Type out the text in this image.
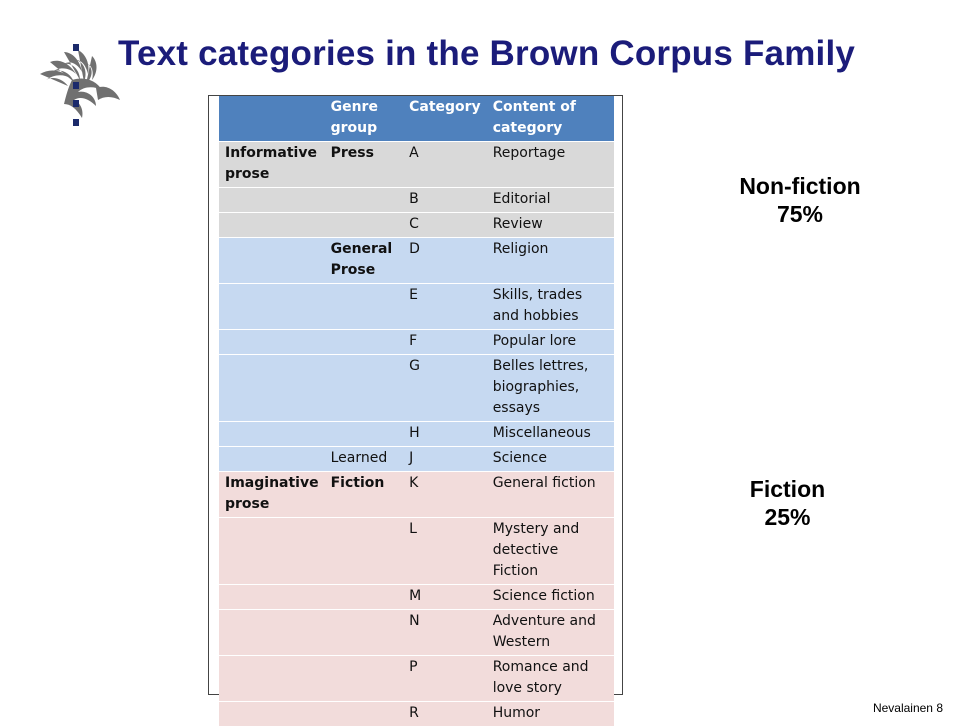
Text categories in the Brown Corpus Family
	Genre group	Category	Content of category
Informative prose	Press	A	Reportage
		B	Editorial
		C	Review
	General Prose	D	Religion
		E	Skills, trades and hobbies
		F	Popular lore
		G	Belles lettres, biographies, essays
		H	Miscellaneous
	Learned	J	Science
Imaginative prose	Fiction	K	General fiction
		L	Mystery and detective Fiction
		M	Science fiction
		N	Adventure and Western
		P	Romance and love story
		R	Humor
Non-fiction
75%
Fiction
25%
Nevalainen 8
